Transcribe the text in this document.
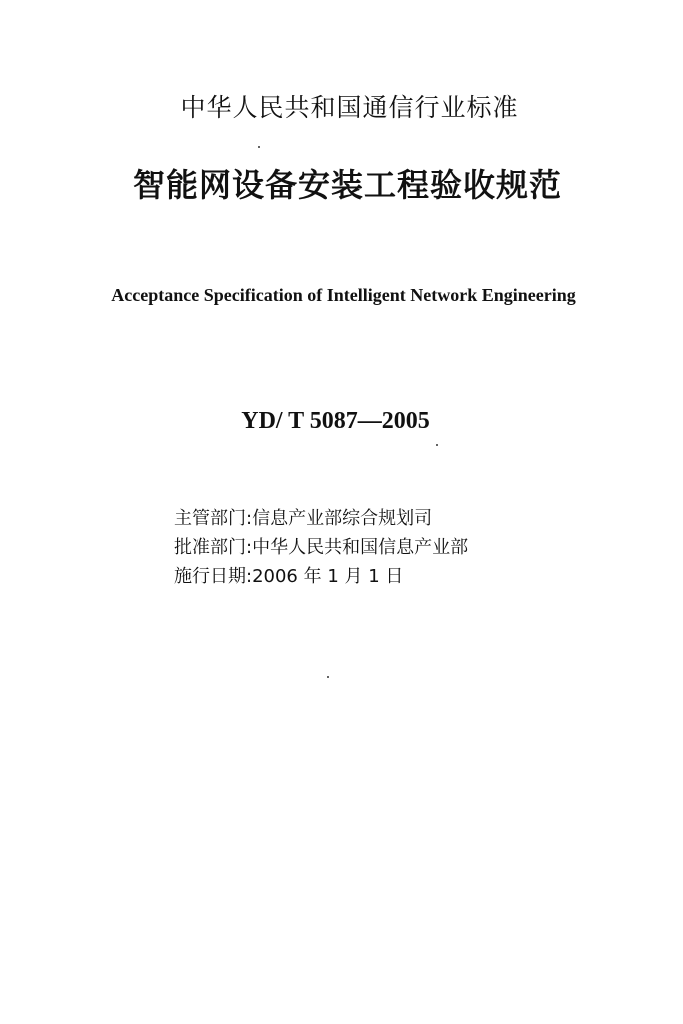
中华人民共和国通信行业标准
智能网设备安装工程验收规范
Acceptance Specification of Intelligent Network Engineering
YD/ T 5087—2005
主管部门:信息产业部综合规划司
批准部门:中华人民共和国信息产业部
施行日期:2006 年 1 月 1 日
